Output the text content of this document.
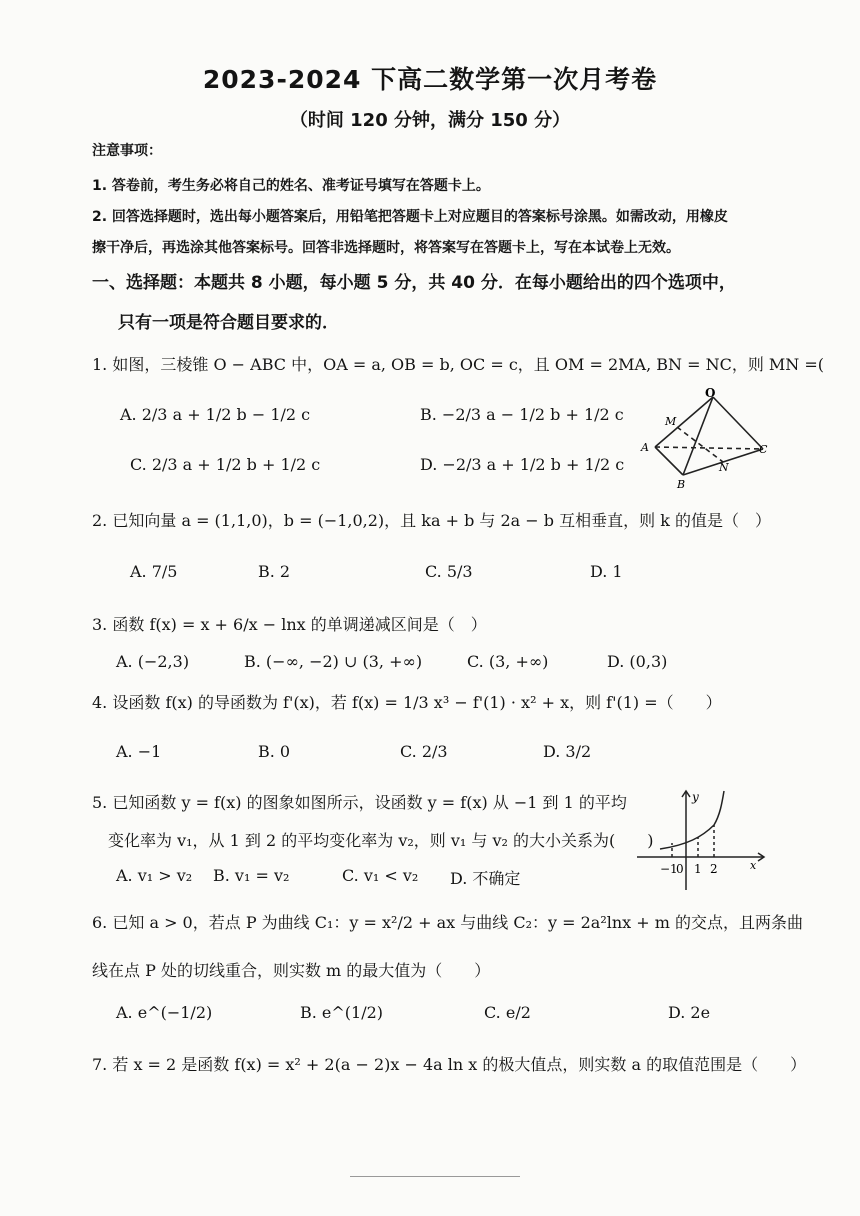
2023-2024 下高二数学第一次月考卷
（时间 120 分钟，满分 150 分）
注意事项：
1. 答卷前，考生务必将自己的姓名、准考证号填写在答题卡上。
2. 回答选择题时，选出每小题答案后，用铅笔把答题卡上对应题目的答案标号涂黑。如需改动，用橡皮
擦干净后，再选涂其他答案标号。回答非选择题时，将答案写在答题卡上，写在本试卷上无效。
一、选择题：本题共 8 小题，每小题 5 分，共 40 分．在每小题给出的四个选项中，
只有一项是符合题目要求的．
1. 如图，三棱锥 O − ABC 中，OA = a, OB = b, OC = c，且 OM = 2MA, BN = NC，则 MN =(
A. 2/3 a + 1/2 b − 1/2 c	B. −2/3 a − 1/2 b + 1/2 c
C. 2/3 a + 1/2 b + 1/2 c	D. −2/3 a + 1/2 b + 1/2 c
O
M
A	C
N
B
2. 已知向量 a = (1,1,0)，b = (−1,0,2)，且 ka + b 与 2a − b 互相垂直，则 k 的值是（　）
A. 7/5	B. 2	C. 5/3	D. 1
3. 函数 f(x) = x + 6/x − lnx 的单调递减区间是（　）
A. (−2,3)	B. (−∞, −2) ∪ (3, +∞)	C. (3, +∞)	D. (0,3)
4. 设函数 f(x) 的导函数为 f'(x)，若 f(x) = 1/3 x³ − f'(1) · x² + x，则 f'(1) =（　　）
A. −1	B. 0	C. 2/3	D. 3/2
5. 已知函数 y = f(x) 的图象如图所示，设函数 y = f(x) 从 −1 到 1 的平均
变化率为 v₁，从 1 到 2 的平均变化率为 v₂，则 v₁ 与 v₂ 的大小关系为(　　)
A. v₁ > v₂ B. v₁ = v₂	C. v₁ < v₂ D. 不确定
y
x
−1
0 1 2
6. 已知 a > 0，若点 P 为曲线 C₁：y = x²/2 + ax 与曲线 C₂：y = 2a²lnx + m 的交点，且两条曲
线在点 P 处的切线重合，则实数 m 的最大值为（　　）
A. e^(−1/2)	B. e^(1/2)	C. e/2	D. 2e
7. 若 x = 2 是函数 f(x) = x² + 2(a − 2)x − 4a ln x 的极大值点，则实数 a 的取值范围是（　　）
